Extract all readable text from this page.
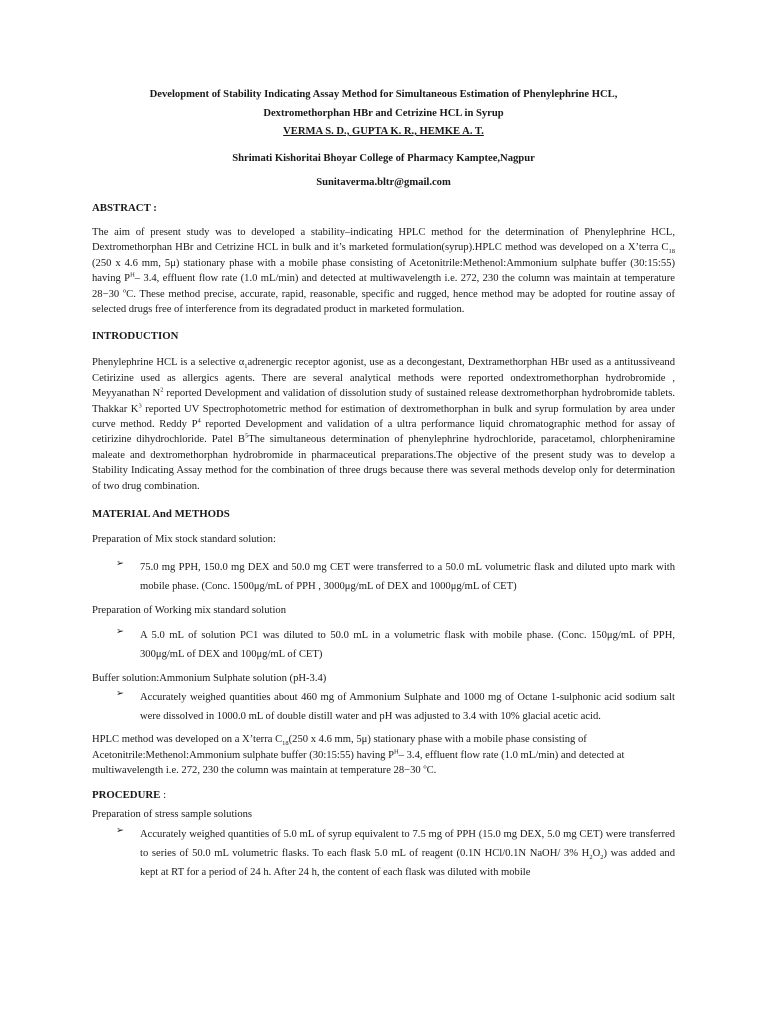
Development of Stability Indicating Assay Method for Simultaneous Estimation of Phenylephrine HCL,

Dextromethorphan HBr and Cetrizine HCL in Syrup

VERMA S. D., GUPTA K. R., HEMKE A. T.

Shrimati Kishoritai Bhoyar College of Pharmacy Kamptee,Nagpur
Sunitaverma.bltr@gmail.com
ABSTRACT :

The aim of present study was to developed a stability–indicating HPLC method for the determination of Phenylephrine HCL, Dextromethorphan HBr and Cetrizine HCL in bulk and it’s marketed formulation(syrup).HPLC method was developed on a X’terra $C_{18}$ (250 x 4.6 mm, 5μ) stationary phase with a mobile phase consisting of Acetonitrile:Methenol:Ammonium sulphate buffer (30:15:55) having $P^H-$ 3.4, effluent flow rate (1.0 mL/min) and detected at multiwavelength i.e. 272, 230 the column was maintain at temperature 28−30 $^o$C. These method precise, accurate, rapid, reasonable, specific and rugged, hence method may be adopted for routine assay of selected drugs free of interference from its degradated product in marketed formulation.

INTRODUCTION

Phenylephrine HCL is a selective $\alpha_1adrenergic$ receptor agonist, use as a decongestant, Dextramethorphan HBr used as a antitussiveand Cetirizine used as allergics agents. There are several analytical methods were reported ondextromethorphan hydrobromide , Meyyanathan $N^2$ reported Development and validation of dissolution study of sustained release dextromethorphan hydrobromide tablets. Thakkar $K^3$ reported UV Spectrophotometric method for estimation of dextromethorphan in bulk and syrup formulation by area under curve method. Reddy $P^4$ reported Development and validation of a ultra performance liquid chromatographic method for assay of cetirizine dihydrochloride. Patel $B^5The$ simultaneous determination of phenylephrine hydrochloride, paracetamol, chlorpheniramine maleate and dextromethorphan hydrobromide in pharmaceutical preparations.The objective of the present study was to develop a Stability Indicating Assay method for the combination of three drugs because there was several methods develop only for determination of two drug combination.

MATERIAL And METHODS

Preparation of Mix stock standard solution:

➢ 75.0 mg PPH, 150.0 mg DEX and 50.0 mg CET were transferred to a 50.0 mL volumetric flask and diluted upto mark with mobile phase. (Conc. 1500μg/mL of PPH , 3000μg/mL of DEX and 1000μg/mL of CET)

Preparation of Working mix standard solution

➢ A 5.0 mL of solution PC1 was diluted to 50.0 mL in a volumetric flask with mobile phase. (Conc. 150μg/mL of PPH, 300μg/mL of DEX and 100μg/mL of CET)

Buffer solution:Ammonium Sulphate solution (pH-3.4)

➢ Accurately weighed quantities about 460 mg of Ammonium Sulphate and 1000 mg of Octane 1-sulphonic acid sodium salt were dissolved in 1000.0 mL of double distill water and pH was adjusted to 3.4 with 10% glacial acetic acid.

HPLC method was developed on a X’terra $C_{18}(250$ x 4.6 mm, 5μ) stationary phase with a mobile phase consisting of Acetonitrile:Methenol:Ammonium sulphate buffer (30:15:55) having $P^H-$ 3.4, effluent flow rate (1.0 mL/min) and detected at multiwavelength i.e. 272, 230 the column was maintain at temperature 28−30 $^o$C.

PROCEDURE :

Preparation of stress sample solutions

➢ Accurately weighed quantities of 5.0 mL of syrup equivalent to 7.5 mg of PPH (15.0 mg DEX, 5.0 mg CET) were transferred to series of 50.0 mL volumetric flasks. To each flask 5.0 mL of reagent (0.1N HCl/0.1N NaOH/ 3% $H_2O_2$) was added and kept at RT for a period of 24 h. After 24 h, the content of each flask was diluted with mobile
